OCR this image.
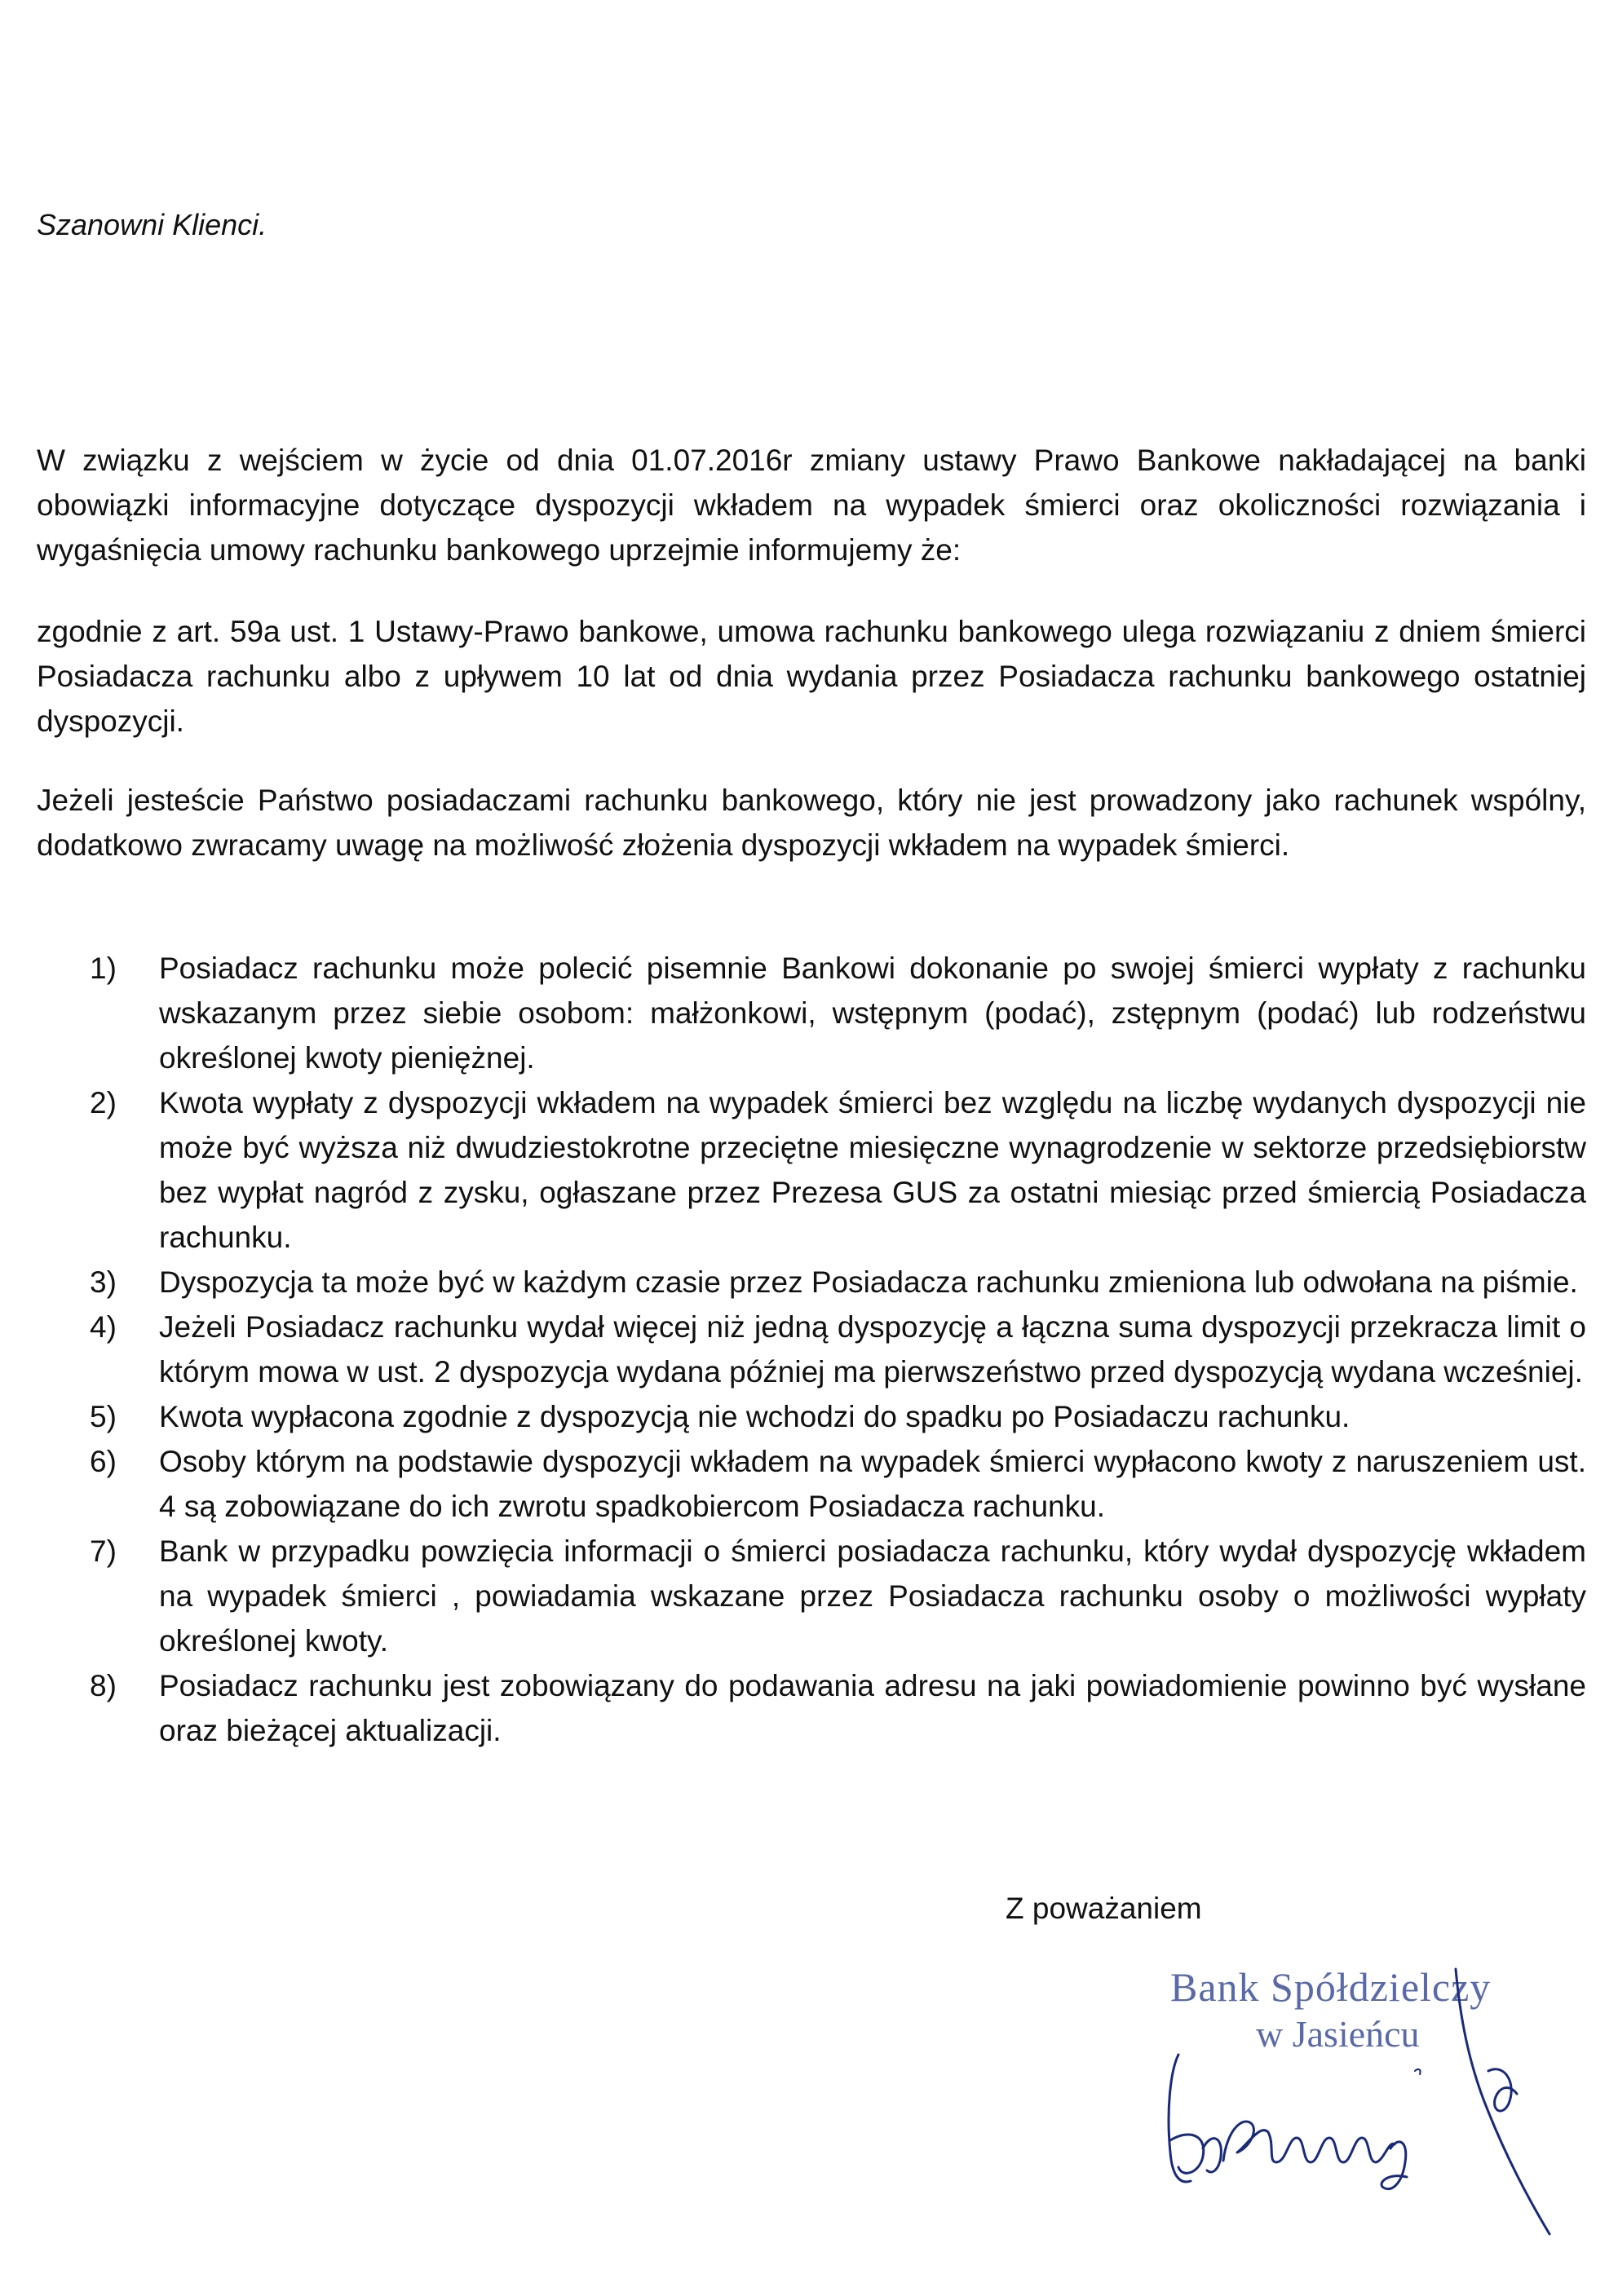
Szanowni Klienci.

W związku z wejściem w życie od dnia 01.07.2016r zmiany ustawy Prawo Bankowe nakładającej na banki obowiązki informacyjne dotyczące dyspozycji wkładem na wypadek śmierci oraz okoliczności rozwiązania i wygaśnięcia umowy rachunku bankowego uprzejmie informujemy że:

zgodnie z art. 59a ust. 1 Ustawy-Prawo bankowe, umowa rachunku bankowego ulega rozwiązaniu z dniem śmierci Posiadacza rachunku albo z upływem 10 lat od dnia wydania przez Posiadacza rachunku bankowego ostatniej dyspozycji.

Jeżeli jesteście Państwo posiadaczami rachunku bankowego, który nie jest prowadzony jako rachunek wspólny, dodatkowo zwracamy uwagę na możliwość złożenia dyspozycji wkładem na wypadek śmierci.

1)	Posiadacz rachunku może polecić pisemnie Bankowi dokonanie po swojej śmierci wypłaty z rachunku wskazanym przez siebie osobom: małżonkowi, wstępnym (podać), zstępnym (podać) lub rodzeństwu określonej kwoty pieniężnej.
2)	Kwota wypłaty z dyspozycji wkładem na wypadek śmierci bez względu na liczbę wydanych dyspozycji nie może być wyższa niż dwudziestokrotne przeciętne miesięczne wynagrodzenie w sektorze przedsiębiorstw bez wypłat nagród z zysku, ogłaszane przez Prezesa GUS za ostatni miesiąc przed śmiercią Posiadacza rachunku.
3)	Dyspozycja ta może być w każdym czasie przez Posiadacza rachunku zmieniona lub odwołana na piśmie.
4)	Jeżeli Posiadacz rachunku wydał więcej niż jedną dyspozycję a łączna suma dyspozycji przekracza limit o którym mowa w ust. 2 dyspozycja wydana później ma pierwszeństwo przed dyspozycją wydana wcześniej.
5)	Kwota wypłacona zgodnie z dyspozycją nie wchodzi do spadku po Posiadaczu rachunku.
6)	Osoby którym na podstawie dyspozycji wkładem na wypadek śmierci wypłacono kwoty z naruszeniem ust. 4 są zobowiązane do ich zwrotu spadkobiercom Posiadacza rachunku.
7)	Bank w przypadku powzięcia informacji o śmierci posiadacza rachunku, który wydał dyspozycję wkładem na wypadek śmierci , powiadamia wskazane przez Posiadacza rachunku osoby o możliwości wypłaty określonej kwoty.
8)	Posiadacz rachunku jest zobowiązany do podawania adresu na jaki powiadomienie powinno być wysłane oraz bieżącej aktualizacji.

Z poważaniem

Bank Spółdzielczy
w Jasieńcu
